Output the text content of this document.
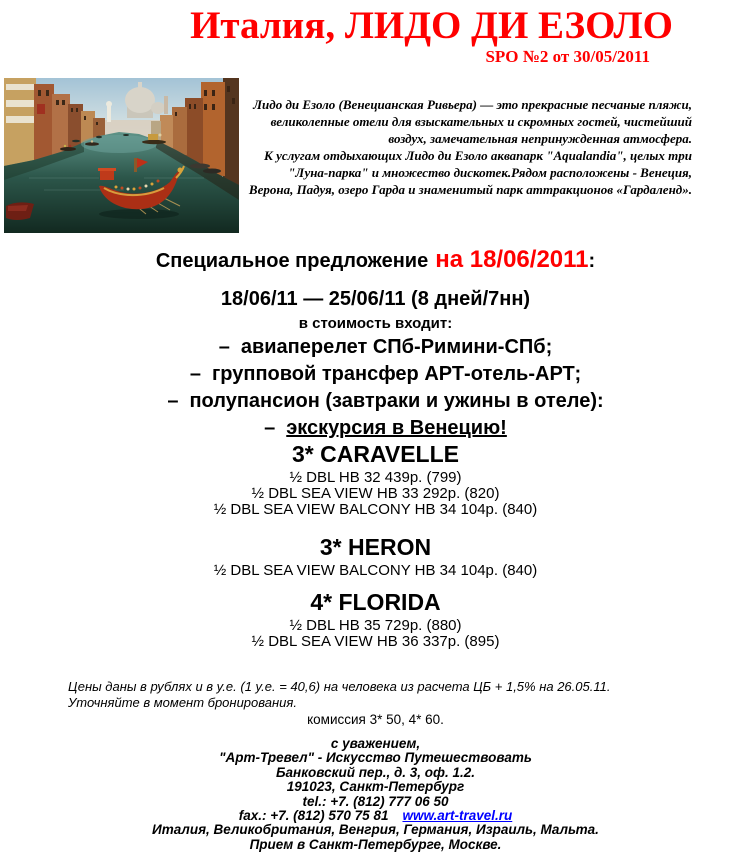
Италия, ЛИДО ДИ ЕЗОЛО
SPO №2 от 30/05/2011

Лидо ди Езоло (Венецианская Ривьера) — это прекрасные песчаные пляжи, великолепные отели для взыскательных и скромных гостей, чистейший воздух, замечательная непринужденная атмосфера.

К услугам отдыхающих Лидо ди Езоло аквапарк "Aqualandia", целых три "Луна-парка" и множество дискотек.Рядом расположены - Венеция, Верона, Падуя, озеро Гарда и знаменитый парк аттракционов «Гардаленд».

Специальное предложение на 18/06/2011:
18/06/11 — 25/06/11 (8 дней/7нн)
в стоимость входит:
– авиаперелет СПб-Римини-СПб;
– групповой трансфер АРТ-отель-АРТ;
– полупансион (завтраки и ужины в отеле):
– экскурсия в Венецию!
3* CARAVELLE
½ DBL HB 32 439р. (799)
½ DBL SEA VIEW HB 33 292р. (820)
½ DBL SEA VIEW BALCONY HB 34 104р. (840)
3* HERON
½ DBL SEA VIEW BALCONY HB 34 104р. (840)
4* FLORIDA
½ DBL HB 35 729р. (880)
½ DBL SEA VIEW HB 36 337р. (895)
Цены даны в рублях и в у.е. (1 у.е. = 40,6) на человека из расчета ЦБ + 1,5% на 26.05.11. Уточняйте в момент бронирования.
комиссия 3* 50, 4* 60.
с уважением,
"Арт-Тревел" - Искусство Путешествовать
Банковский пер., д. 3, оф. 1.2.
191023, Санкт-Петербург
tel.: +7. (812) 777 06 50
fax.: +7. (812) 570 75 81 www.art-travel.ru
Италия, Великобритания, Венгрия, Германия, Израиль, Мальта.
Прием в Санкт-Петербурге, Москве.
